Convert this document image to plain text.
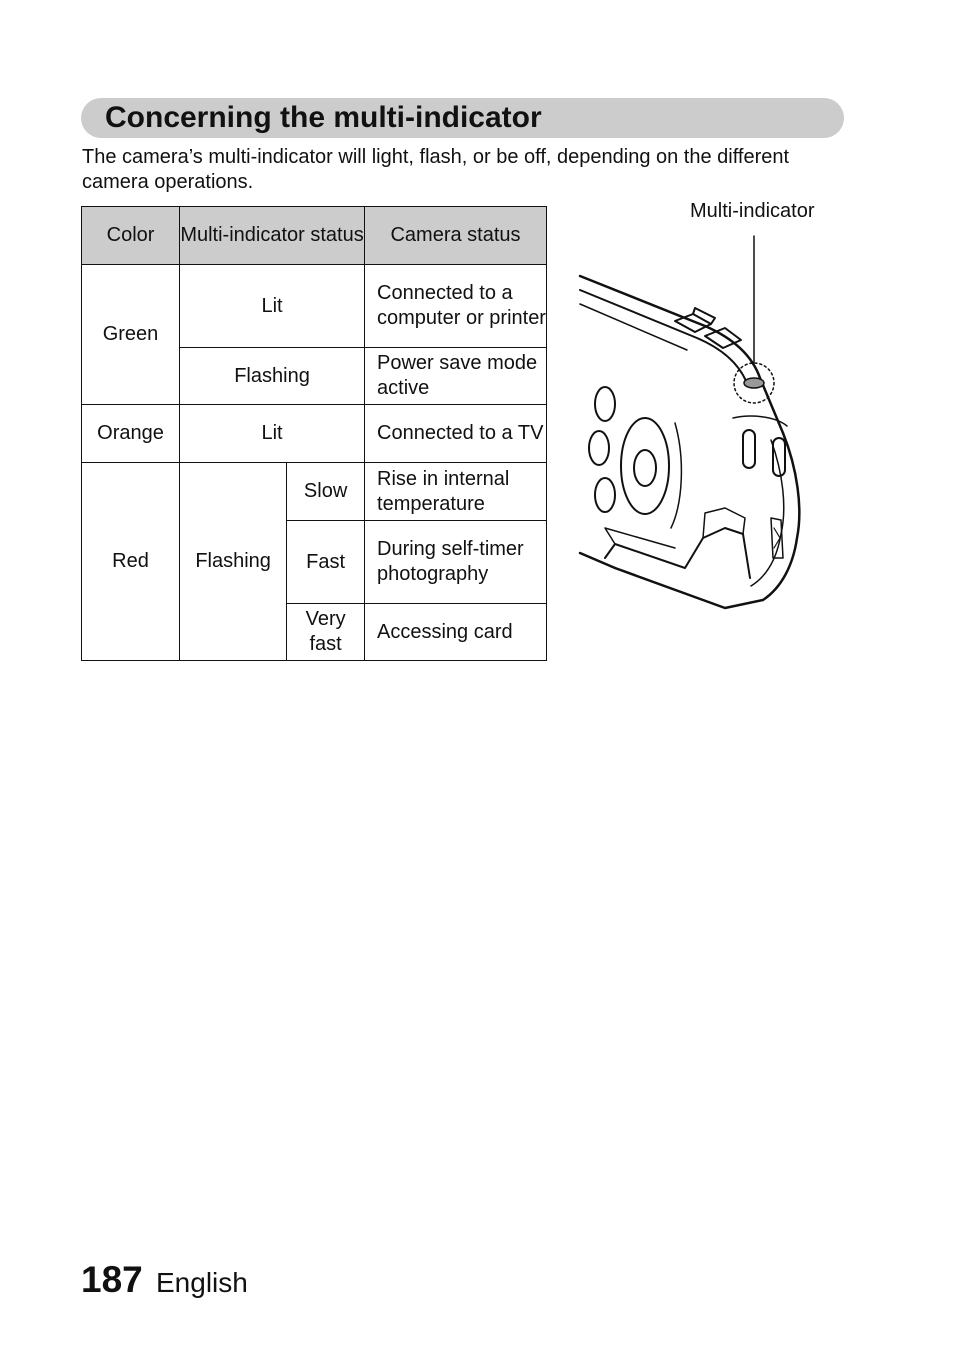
Concerning the multi-indicator
The camera’s multi-indicator will light, flash, or be off, depending on the different camera operations.
Color	Multi-indicator status		Camera status
Green	Lit		Connected to a computer or printer
	Flashing		Power save mode active
Orange	Lit		Connected to a TV
Red	Flashing	Slow	Rise in internal temperature
		Fast	During self-timer photography
		Very fast	Accessing card
Multi-indicator
187 English
